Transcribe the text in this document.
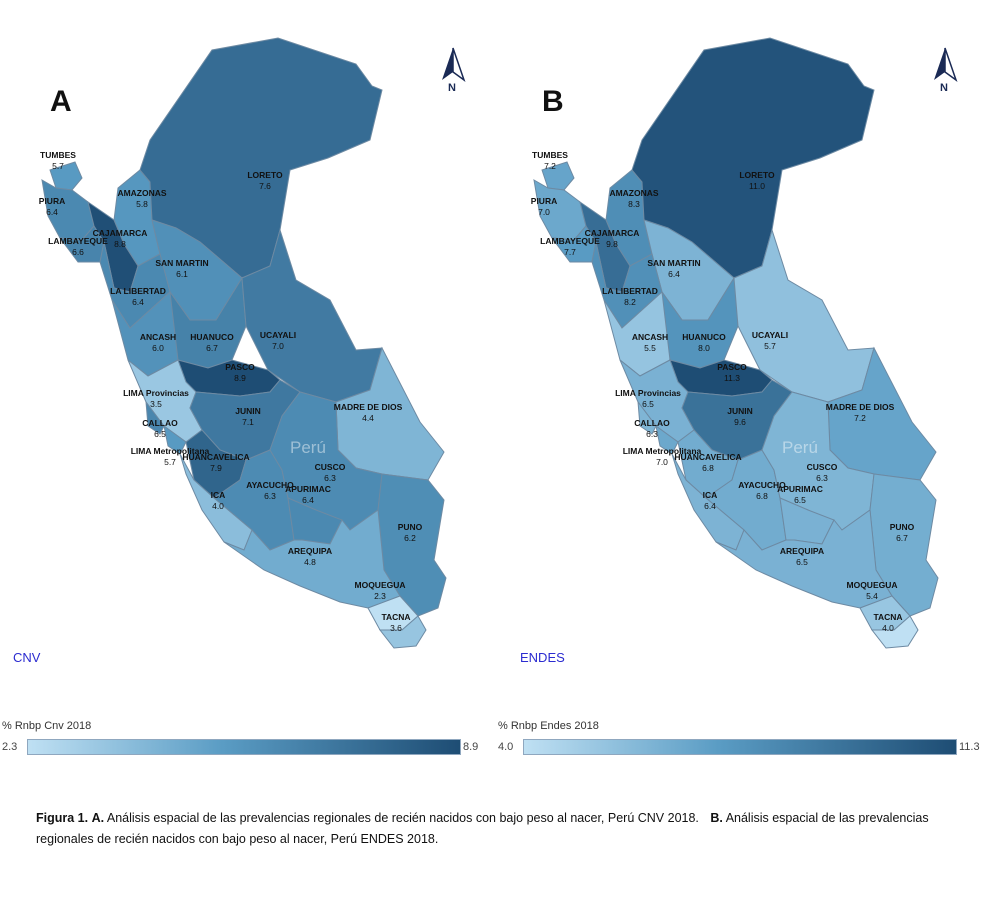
A	N
Perú
TUMBES
5.7
PIURA
6.4
LAMBAYEQUE
6.6
AMAZONAS
5.8
CAJAMARCA
8.8
LORETO
7.6
SAN MARTIN
6.1
LA LIBERTAD
6.4
ANCASH
6.0
HUANUCO
6.7
UCAYALI
7.0
PASCO
8.9
LIMA Provincias
3.5
CALLAO
6.5
LIMA Metropolitana
5.7
JUNIN
7.1
MADRE DE DIOS
4.4
HUANCAVELICA
7.9
AYACUCHO
6.3
CUSCO
6.3
APURIMAC
6.4
ICA
4.0
PUNO
6.2
AREQUIPA
4.8
MOQUEGUA
2.3
TACNA
3.6
CNV
B	N
Perú
TUMBES
7.2
PIURA
7.0
LAMBAYEQUE
7.7
AMAZONAS
8.3
CAJAMARCA
9.8
LORETO
11.0
SAN MARTIN
6.4
LA LIBERTAD
8.2
ANCASH
5.5
HUANUCO
8.0
UCAYALI
5.7
PASCO
11.3
LIMA Provincias
6.5
CALLAO
6.3
LIMA Metropolitana
7.0
JUNIN
9.6
MADRE DE DIOS
7.2
HUANCAVELICA
6.8
AYACUCHO
6.8
CUSCO
6.3
APURIMAC
6.5
ICA
6.4
PUNO
6.7
AREQUIPA
6.5
MOQUEGUA
5.4
TACNA
4.0
ENDES
% Rnbp Cnv 2018
2.3	8.9
% Rnbp Endes 2018
4.0	11.3
Figura 1. A. Análisis espacial de las prevalencias regionales de recién nacidos con bajo peso al nacer, Perú CNV 2018. B. Análisis espacial de las prevalencias regionales de recién nacidos con bajo peso al nacer, Perú ENDES 2018.
